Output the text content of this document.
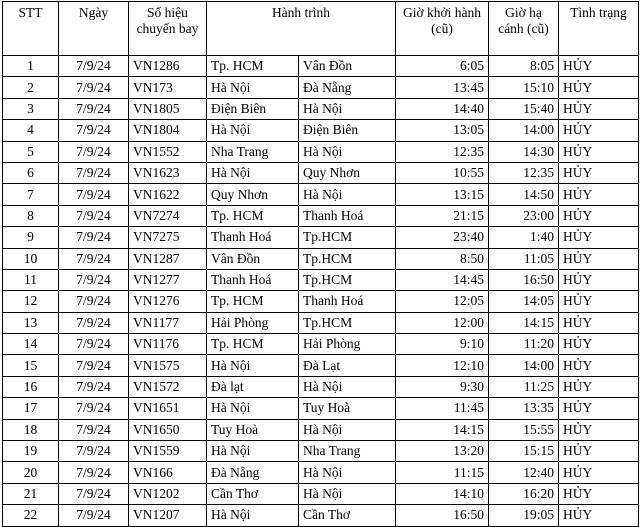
STT	Ngày	Số hiệu chuyến bay	Hành trình		Giờ khởi hành (cũ)	Giờ hạ cánh (cũ)	Tình trạng
1	7/9/24	VN1286	Tp. HCM	Vân Đồn	6:05	8:05	HỦY
2	7/9/24	VN173	Hà Nội	Đà Nẵng	13:45	15:10	HỦY
3	7/9/24	VN1805	Điện Biên	Hà Nội	14:40	15:40	HỦY
4	7/9/24	VN1804	Hà Nội	Điện Biên	13:05	14:00	HỦY
5	7/9/24	VN1552	Nha Trang	Hà Nội	12:35	14:30	HỦY
6	7/9/24	VN1623	Hà Nội	Quy Nhơn	10:55	12:35	HỦY
7	7/9/24	VN1622	Quy Nhơn	Hà Nội	13:15	14:50	HỦY
8	7/9/24	VN7274	Tp. HCM	Thanh Hoá	21:15	23:00	HỦY
9	7/9/24	VN7275	Thanh Hoá	Tp.HCM	23:40	1:40	HỦY
10	7/9/24	VN1287	Vân Đồn	Tp.HCM	8:50	11:05	HỦY
11	7/9/24	VN1277	Thanh Hoá	Tp.HCM	14:45	16:50	HỦY
12	7/9/24	VN1276	Tp. HCM	Thanh Hoá	12:05	14:05	HỦY
13	7/9/24	VN1177	Hải Phòng	Tp.HCM	12:00	14:15	HỦY
14	7/9/24	VN1176	Tp. HCM	Hải Phòng	9:10	11:20	HỦY
15	7/9/24	VN1575	Hà Nội	Đà Lạt	12:10	14:00	HỦY
16	7/9/24	VN1572	Đà lạt	Hà Nội	9:30	11:25	HỦY
17	7/9/24	VN1651	Hà Nội	Tuy Hoà	11:45	13:35	HỦY
18	7/9/24	VN1650	Tuy Hoà	Hà Nội	14:15	15:55	HỦY
19	7/9/24	VN1559	Hà Nội	Nha Trang	13:20	15:15	HỦY
20	7/9/24	VN166	Đà Nẵng	Hà Nội	11:15	12:40	HỦY
21	7/9/24	VN1202	Cần Thơ	Hà Nội	14:10	16:20	HỦY
22	7/9/24	VN1207	Hà Nội	Cần Thơ	16:50	19:05	HỦY
